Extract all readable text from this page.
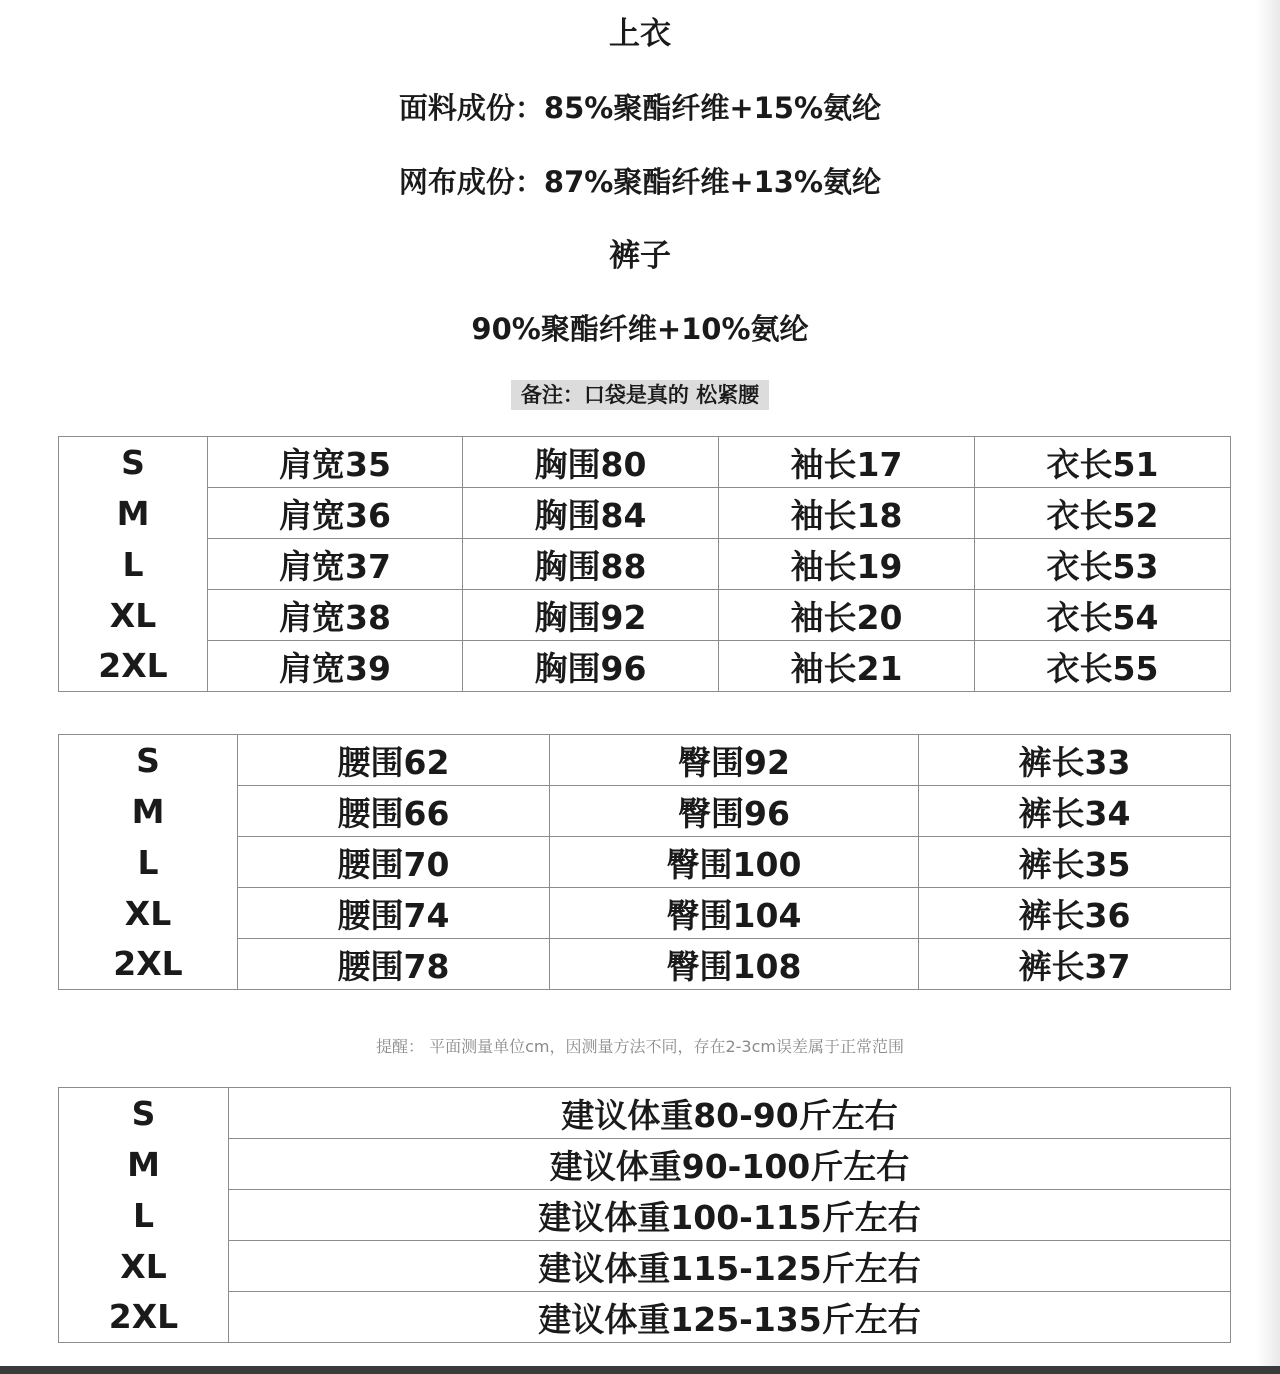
上衣
面料成份：85%聚酯纤维+15%氨纶
网布成份：87%聚酯纤维+13%氨纶
裤子
90%聚酯纤维+10%氨纶
备注：口袋是真的 松紧腰
S	肩宽35	胸围80	袖长17	衣长51
M	肩宽36	胸围84	袖长18	衣长52
L	肩宽37	胸围88	袖长19	衣长53
XL	肩宽38	胸围92	袖长20	衣长54
2XL	肩宽39	胸围96	袖长21	衣长55
S	腰围62	臀围92	裤长33
M	腰围66	臀围96	裤长34
L	腰围70	臀围100	裤长35
XL	腰围74	臀围104	裤长36
2XL	腰围78	臀围108	裤长37
提醒： 平面测量单位cm，因测量方法不同，存在2-3cm误差属于正常范围
S	建议体重80-90斤左右
M	建议体重90-100斤左右
L	建议体重100-115斤左右
XL	建议体重115-125斤左右
2XL	建议体重125-135斤左右
